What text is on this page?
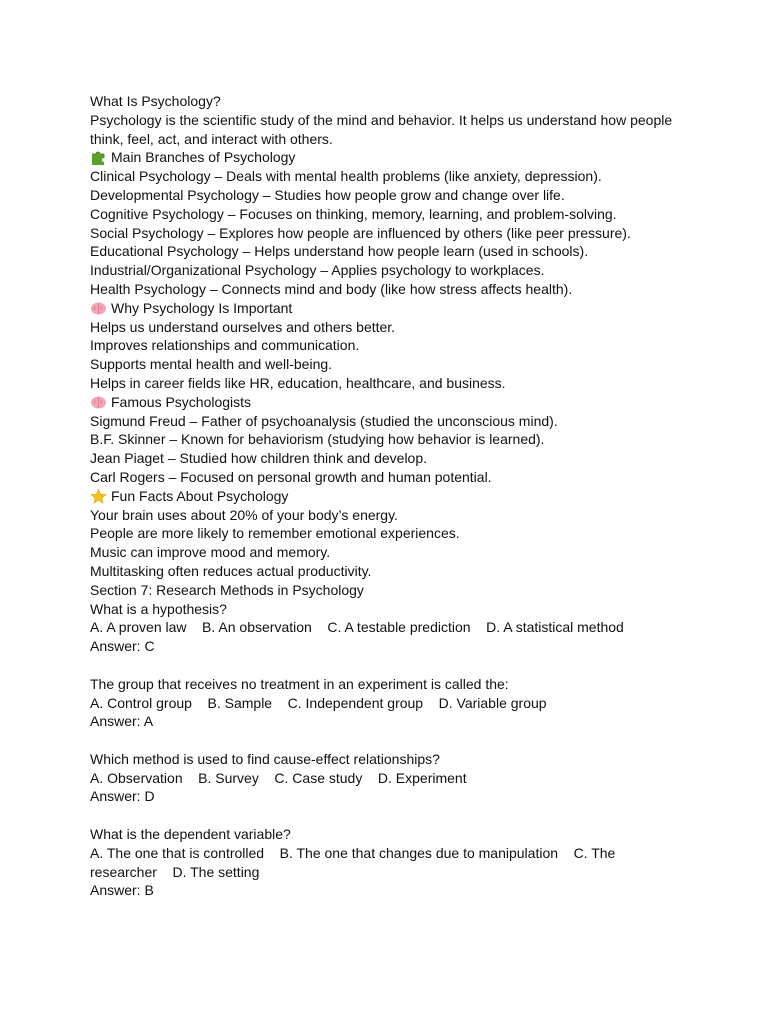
What Is Psychology?

Psychology is the scientific study of the mind and behavior. It helps us understand how people think, feel, act, and interact with others.

Main Branches of Psychology

Clinical Psychology – Deals with mental health problems (like anxiety, depression).

Developmental Psychology – Studies how people grow and change over life.

Cognitive Psychology – Focuses on thinking, memory, learning, and problem-solving.

Social Psychology – Explores how people are influenced by others (like peer pressure).

Educational Psychology – Helps understand how people learn (used in schools).

Industrial/Organizational Psychology – Applies psychology to workplaces.

Health Psychology – Connects mind and body (like how stress affects health).

Why Psychology Is Important

Helps us understand ourselves and others better.

Improves relationships and communication.

Supports mental health and well-being.

Helps in career fields like HR, education, healthcare, and business.

Famous Psychologists

Sigmund Freud – Father of psychoanalysis (studied the unconscious mind).

B.F. Skinner – Known for behaviorism (studying how behavior is learned).

Jean Piaget – Studied how children think and develop.

Carl Rogers – Focused on personal growth and human potential.

Fun Facts About Psychology

Your brain uses about 20% of your body’s energy.

People are more likely to remember emotional experiences.

Music can improve mood and memory.

Multitasking often reduces actual productivity.

Section 7: Research Methods in Psychology

What is a hypothesis?

A. A proven law    B. An observation    C. A testable prediction    D. A statistical method

Answer: C

The group that receives no treatment in an experiment is called the:

A. Control group    B. Sample    C. Independent group    D. Variable group

Answer: A

Which method is used to find cause-effect relationships?

A. Observation    B. Survey    C. Case study    D. Experiment

Answer: D

What is the dependent variable?

A. The one that is controlled    B. The one that changes due to manipulation    C. The researcher    D. The setting

Answer: B
